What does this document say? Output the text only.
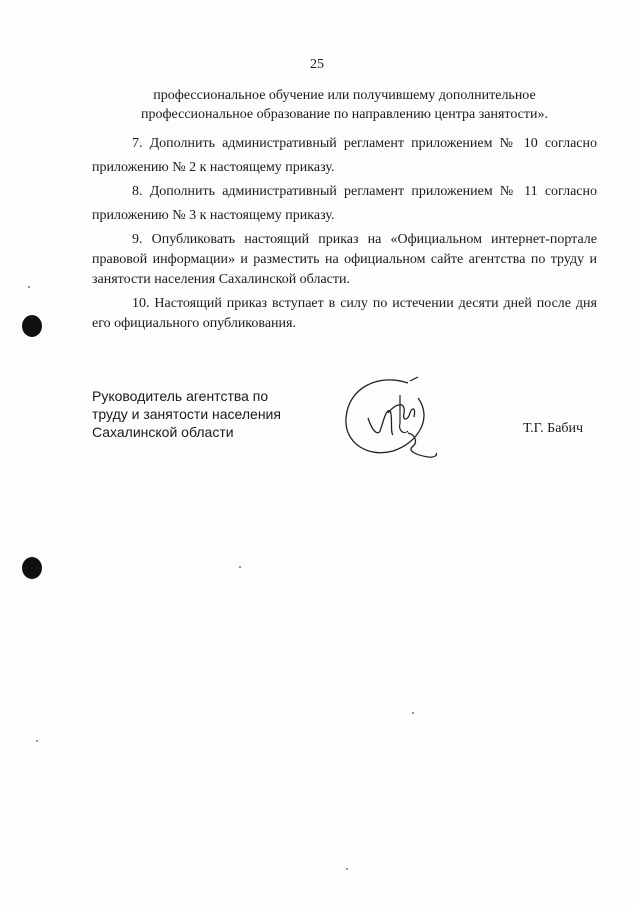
25
профессиональное обучение или получившему дополнительное
профессиональное образование по направлению центра занятости».
7. Дополнить административный регламент приложением № 10 согласно
приложению № 2 к настоящему приказу.
8. Дополнить административный регламент приложением № 11 согласно
приложению № 3 к настоящему приказу.
9. Опубликовать настоящий приказ на «Официальном интернет-портале
правовой информации» и разместить на официальном сайте агентства по труду и
занятости населения Сахалинской области.
10. Настоящий приказ вступает в силу по истечении десяти дней после дня
его официального опубликования.
Руководитель агентства по
труду и занятости населения
Сахалинской области	Т.Г. Бабич
